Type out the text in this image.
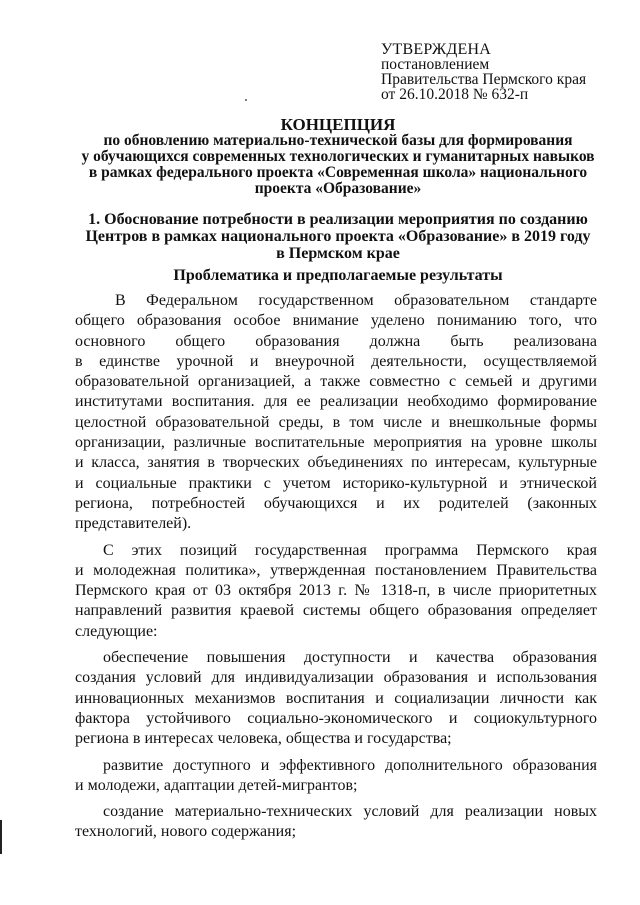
УТВЕРЖДЕНА
постановлением
Правительства Пермского края
от 26.10.2018 № 632-п
КОНЦЕПЦИЯ
по обновлению материально-технической базы для формирования
у обучающихся современных технологических и гуманитарных навыков
в рамках федерального проекта «Современная школа» национального
проекта «Образование»
1. Обоснование потребности в реализации мероприятия по созданию
Центров в рамках национального проекта «Образование» в 2019 году
в Пермском крае
Проблематика и предполагаемые результаты
В Федеральном государственном образовательном стандарте
общего образования особое внимание уделено пониманию того, что
основного общего образования должна быть реализована
в единстве урочной и внеурочной деятельности, осуществляемой
образовательной организацией, а также совместно с семьей и другими
институтами воспитания. для ее реализации необходимо формирование
целостной образовательной среды, в том числе и внешкольные формы
организации, различные воспитательные мероприятия на уровне школы
и класса, занятия в творческих объединениях по интересам, культурные
и социальные практики с учетом историко-культурной и этнической
региона, потребностей обучающихся и их родителей (законных
представителей).
С этих позиций государственная программа Пермского края
и молодежная политика», утвержденная постановлением Правительства
Пермского края от 03 октября 2013 г. № 1318-п, в числе приоритетных
направлений развития краевой системы общего образования определяет
следующие:
обеспечение повышения доступности и качества образования
создания условий для индивидуализации образования и использования
инновационных механизмов воспитания и социализации личности как
фактора устойчивого социально-экономического и социокультурного
региона в интересах человека, общества и государства;
развитие доступного и эффективного дополнительного образования
и молодежи, адаптации детей-мигрантов;
создание материально-технических условий для реализации новых
технологий, нового содержания;
